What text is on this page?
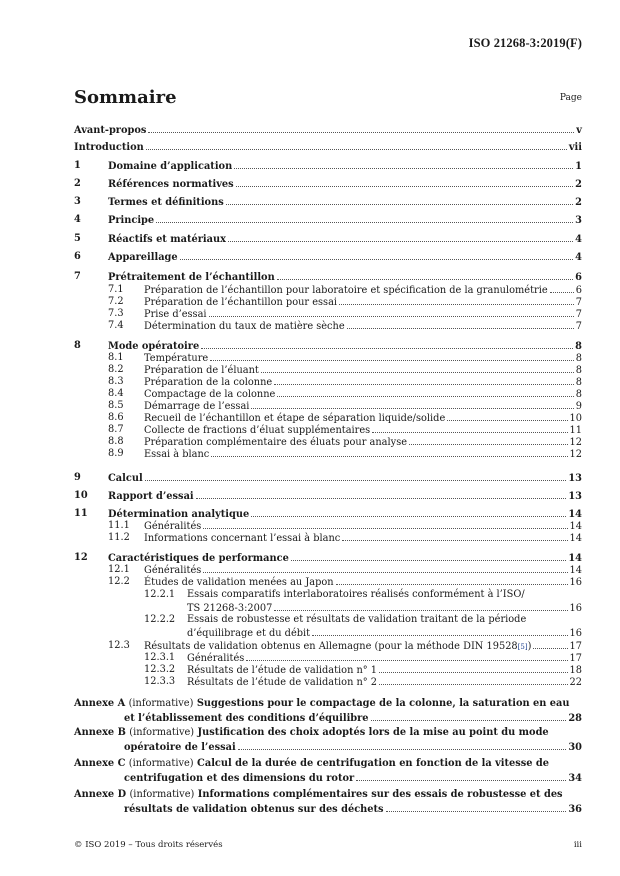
ISO 21268-3:2019(F)
Sommaire	Page
Avant-propos	v
Introduction	vii
1	Domaine d’application	1
2	Références normatives	2
3	Termes et définitions	2
4	Principe	3
5	Réactifs et matériaux	4
6	Appareillage	4
7	Prétraitement de l’échantillon	6
7.1 Préparation de l’échantillon pour laboratoire et spécification de la granulométrie	6
7.2 Préparation de l’échantillon pour essai	7
7.3 Prise d’essai	7
7.4 Détermination du taux de matière sèche	7
8	Mode opératoire	8
8.1 Température	8
8.2 Préparation de l’éluant	8
8.3 Préparation de la colonne	8
8.4 Compactage de la colonne	8
8.5 Démarrage de l’essai	9
8.6 Recueil de l’échantillon et étape de séparation liquide/solide	10
8.7 Collecte de fractions d’éluat supplémentaires	11
8.8 Préparation complémentaire des éluats pour analyse	12
8.9 Essai à blanc	12
9	Calcul	13
10 Rapport d’essai	13
11 Détermination analytique	14
11.1 Généralités	14
11.2 Informations concernant l’essai à blanc	14
12 Caractéristiques de performance	14
12.1 Généralités	14
12.2 Études de validation menées au Japon	16
12.2.1 Essais comparatifs interlaboratoires réalisés conformément à l’ISO/
TS 21268-3:2007	16
12.2.2 Essais de robustesse et résultats de validation traitant de la période
d’équilibrage et du débit	16
12.3 Résultats de validation obtenus en Allemagne (pour la méthode DIN 19528 [5] )	17
12.3.1 Généralités	17
12.3.2 Résultats de l’étude de validation n° 1	18
12.3.3 Résultats de l’étude de validation n° 2	22
Annexe A (informative) Suggestions pour le compactage de la colonne, la saturation en eau
et l’établissement des conditions d’équilibre	28
Annexe B (informative) Justification des choix adoptés lors de la mise au point du mode
opératoire de l’essai	30
Annexe C (informative) Calcul de la durée de centrifugation en fonction de la vitesse de
centrifugation et des dimensions du rotor	34
Annexe D (informative) Informations complémentaires sur des essais de robustesse et des
résultats de validation obtenus sur des déchets	36
© ISO 2019 – Tous droits réservés	iii
